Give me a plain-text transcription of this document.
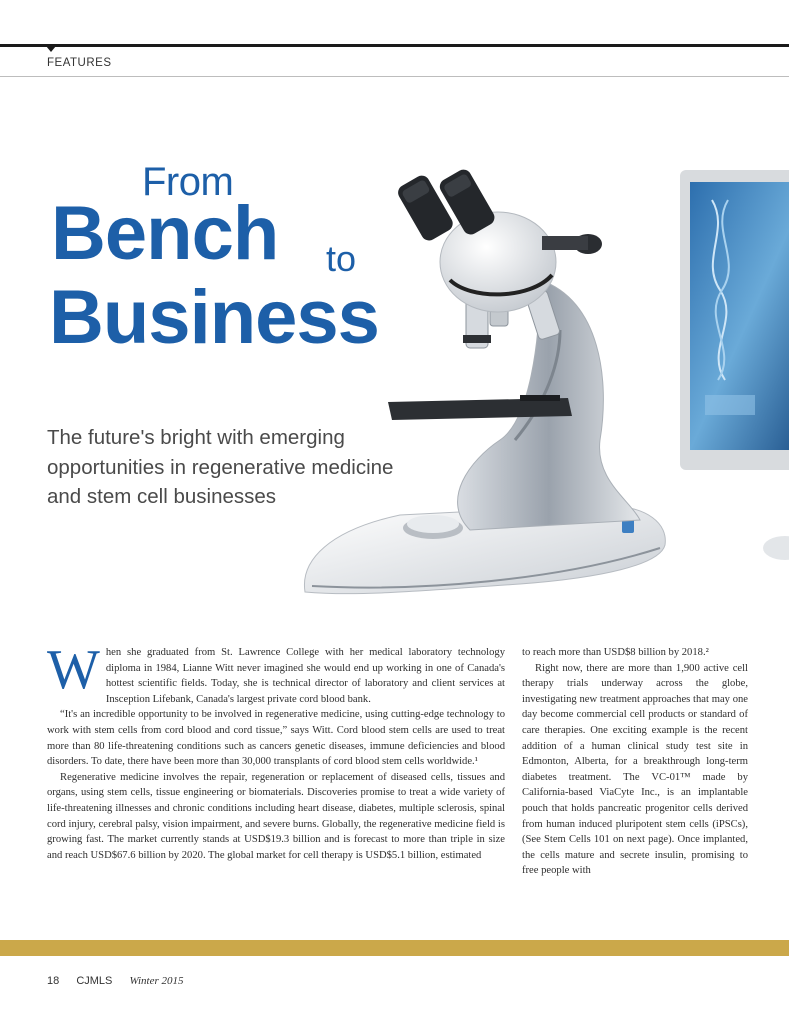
FEATURES
From
Bench to
Business
The future's bright with emerging opportunities in regenerative medicine and stem cell businesses

When she graduated from St. Lawrence College with her medical laboratory technology diploma in 1984, Lianne Witt never imagined she would end up working in one of Canada's hottest scientific fields. Today, she is technical director of laboratory and client services at Insception Lifebank, Canada's largest private cord blood bank.

“It's an incredible opportunity to be involved in regenerative medicine, using cutting-edge technology to work with stem cells from cord blood and cord tissue,” says Witt. Cord blood stem cells are used to treat more than 80 life-threatening conditions such as cancers genetic diseases, immune deficiencies and blood disorders. To date, there have been more than 30,000 transplants of cord blood stem cells worldwide.¹

Regenerative medicine involves the repair, regeneration or replacement of diseased cells, tissues and organs, using stem cells, tissue engineering or biomaterials. Discoveries promise to treat a wide variety of life-threatening illnesses and chronic conditions including heart disease, diabetes, multiple sclerosis, spinal cord injury, cerebral palsy, vision impairment, and severe burns. Globally, the regenerative medicine field is growing fast. The market currently stands at USD$19.3 billion and is forecast to more than triple in size and reach USD$67.6 billion by 2020. The global market for cell therapy is USD$5.1 billion, estimated

to reach more than USD$8 billion by 2018.²

Right now, there are more than 1,900 active cell therapy trials underway across the globe, investigating new treatment approaches that may one day become commercial cell products or standard of care therapies. One exciting example is the recent addition of a human clinical study test site in Edmonton, Alberta, for a breakthrough long-term diabetes treatment. The VC-01™ made by California-based ViaCyte Inc., is an implantable pouch that holds pancreatic progenitor cells derived from human induced pluripotent stem cells (iPSCs), (See Stem Cells 101 on next page). Once implanted, the cells mature and secrete insulin, promising to free people with

18 CJMLS Winter 2015
